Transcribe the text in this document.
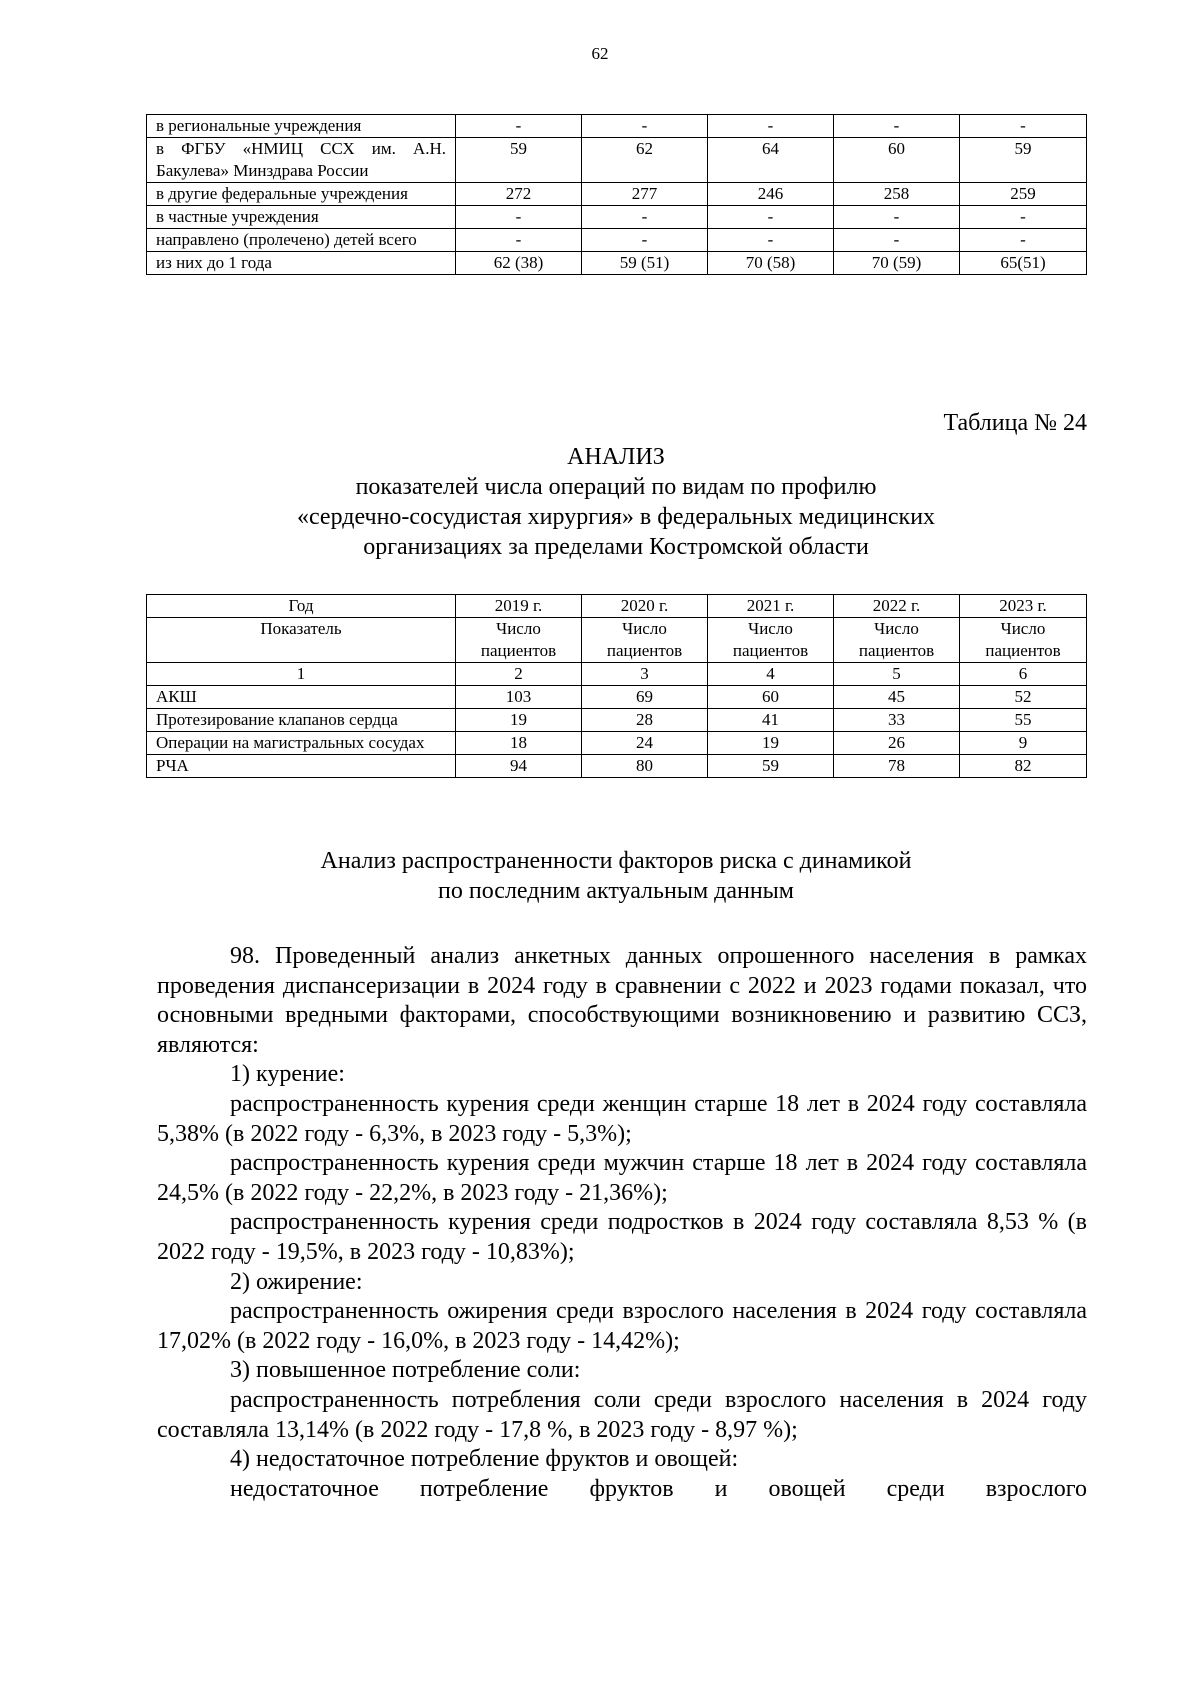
62
в региональные учреждения	-	-	-	-	-
в ФГБУ «НМИЦ ССХ им. А.Н. Бакулева» Минздрава России	59	62	64	60	59
в другие федеральные учреждения	272	277	246	258	259
в частные учреждения	-	-	-	-	-
направлено (пролечено) детей всего	-	-	-	-	-
из них до 1 года	62 (38)	59 (51)	70 (58)	70 (59)	65(51)
Таблица № 24
АНАЛИЗ
показателей числа операций по видам по профилю
«сердечно-сосудистая хирургия» в федеральных медицинских
организациях за пределами Костромской области
Год	2019 г.	2020 г.	2021 г.	2022 г.	2023 г.
Показатель	Число пациентов	Число пациентов	Число пациентов	Число пациентов	Число пациентов
1	2	3	4	5	6
АКШ	103	69	60	45	52
Протезирование клапанов сердца	19	28	41	33	55
Операции на магистральных сосудах	18	24	19	26	9
РЧА	94	80	59	78	82
Анализ распространенности факторов риска с динамикой
по последним актуальным данным

98. Проведенный анализ анкетных данных опрошенного населения в рамках проведения диспансеризации в 2024 году в сравнении с 2022 и 2023 годами показал, что основными вредными факторами, способствующими возникновению и развитию ССЗ, являются:

1) курение:

распространенность курения среди женщин старше 18 лет в 2024 году составляла 5,38% (в 2022 году - 6,3%, в 2023 году - 5,3%);

распространенность курения среди мужчин старше 18 лет в 2024 году составляла 24,5% (в 2022 году - 22,2%, в 2023 году - 21,36%);

распространенность курения среди подростков в 2024 году составляла 8,53 % (в 2022 году - 19,5%, в 2023 году - 10,83%);

2) ожирение:

распространенность ожирения среди взрослого населения в 2024 году составляла 17,02% (в 2022 году - 16,0%, в 2023 году - 14,42%);

3) повышенное потребление соли:

распространенность потребления соли среди взрослого населения в 2024 году составляла 13,14% (в 2022 году - 17,8 %, в 2023 году - 8,97 %);

4) недостаточное потребление фруктов и овощей:

недостаточное потребление фруктов и овощей среди взрослого
